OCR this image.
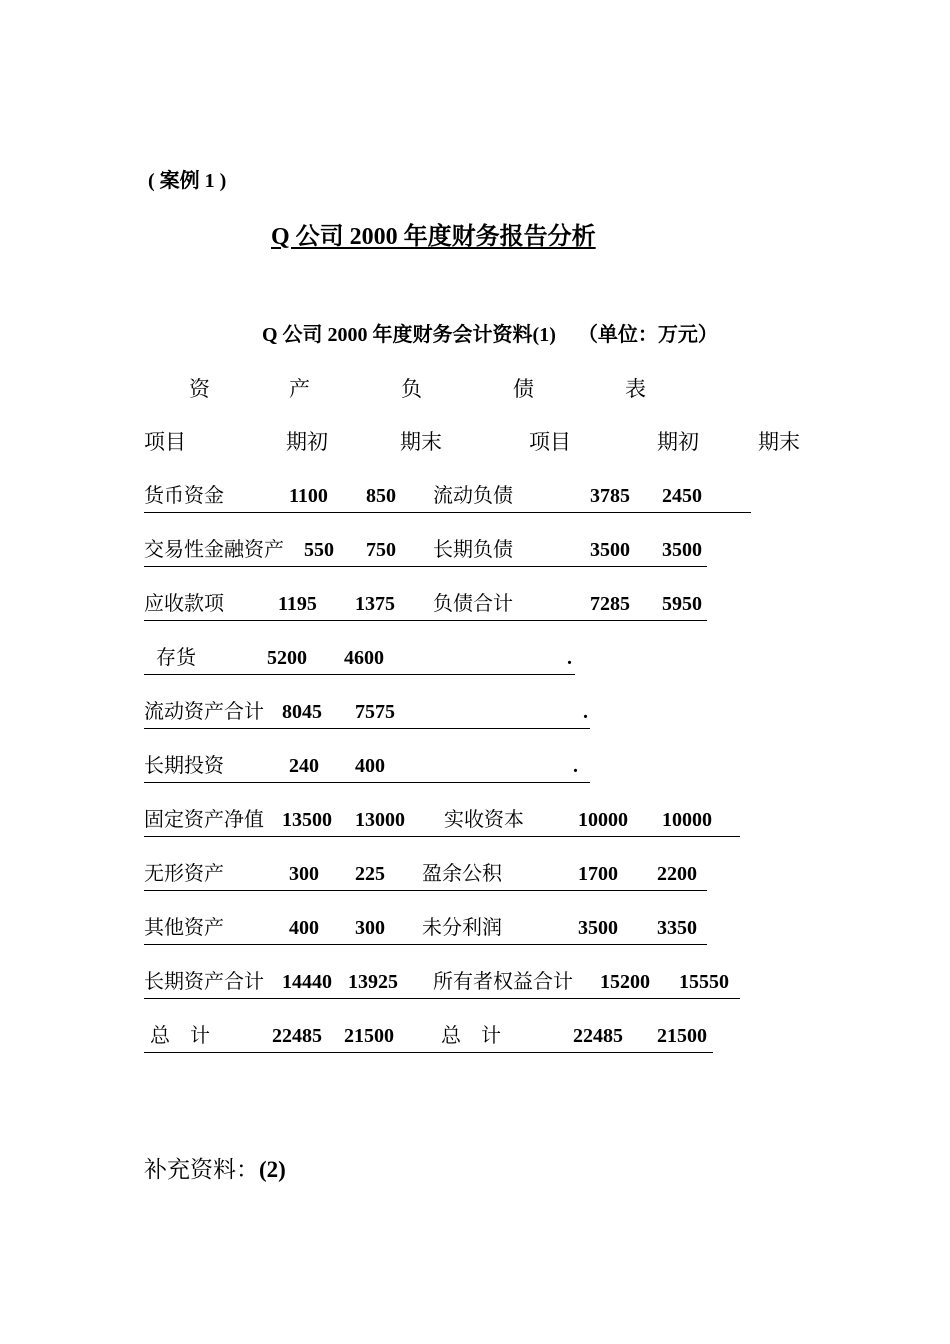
( 案例 1 )
Q 公司 2000 年度财务报告分析
Q 公司 2000 年度财务会计资料(1) （单位：万元）
资	产	负	债	表
项目	期初	期末	项目	期初	期末
货币资金	1100 850 流动负债	3785 2450
交易性金融资产 550 750 长期负债	3500 3500
应收款项	1195 1375 负债合计	7285 5950
存货	5200 4600	.
流动资产合计 8045 7575	.
长期投资	240 400	.
固定资产净值 13500 13000 实收资本	10000 10000
无形资产	300 225 盈余公积	1700 2200
其他资产	400 300 未分利润	3500 3350
长期资产合计 14440 13925 所有者权益合计 15200 15550
总    计	22485 21500 总    计	22485 21500
补充资料：(2)
